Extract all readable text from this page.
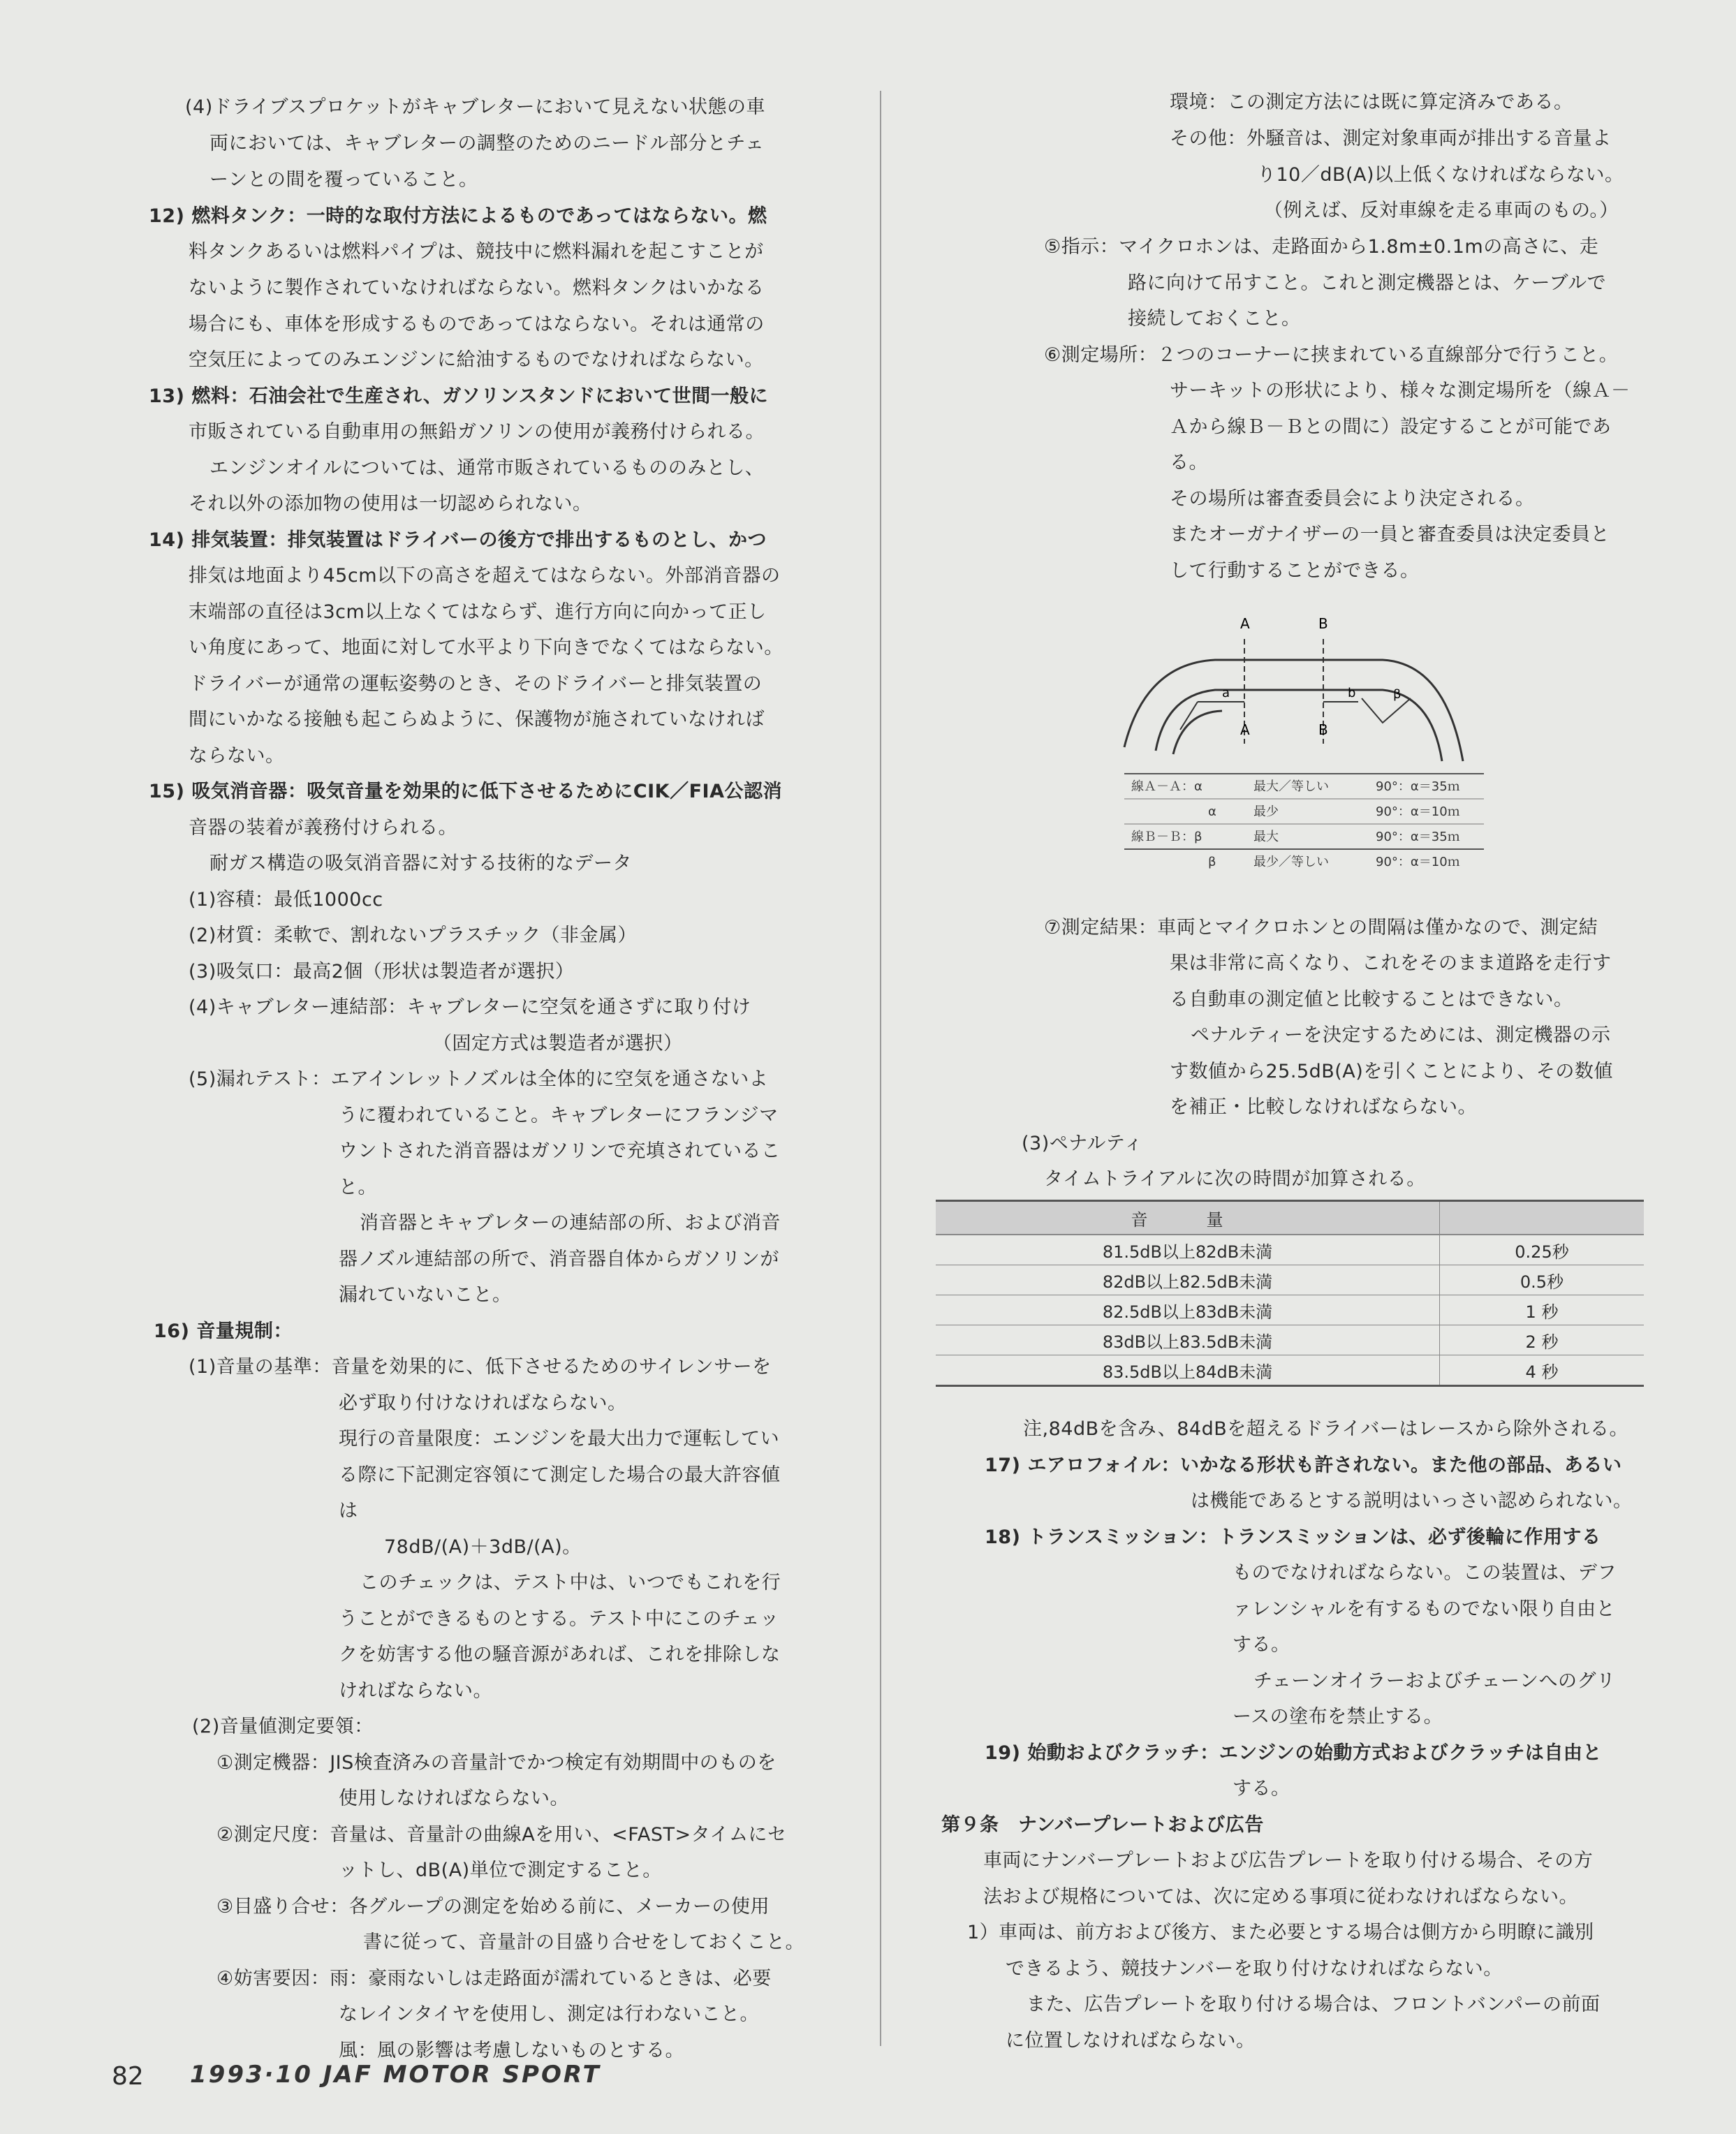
(4)ドライブスプロケットがキャブレターにおいて見えない状態の車
両においては、キャブレターの調整のためのニードル部分とチェ
ーンとの間を覆っていること。
12) 燃料タンク：一時的な取付方法によるものであってはならない。燃
料タンクあるいは燃料パイプは、競技中に燃料漏れを起こすことが
ないように製作されていなければならない。燃料タンクはいかなる
場合にも、車体を形成するものであってはならない。それは通常の
空気圧によってのみエンジンに給油するものでなければならない。
13) 燃料：石油会社で生産され、ガソリンスタンドにおいて世間一般に
市販されている自動車用の無鉛ガソリンの使用が義務付けられる。
エンジンオイルについては、通常市販されているもののみとし、
それ以外の添加物の使用は一切認められない。
14) 排気装置：排気装置はドライバーの後方で排出するものとし、かつ
排気は地面より45cm以下の高さを超えてはならない。外部消音器の
末端部の直径は3cm以上なくてはならず、進行方向に向かって正し
い角度にあって、地面に対して水平より下向きでなくてはならない。
ドライバーが通常の運転姿勢のとき、そのドライバーと排気装置の
間にいかなる接触も起こらぬように、保護物が施されていなければ
ならない。
15) 吸気消音器：吸気音量を効果的に低下させるためにCIK／FIA公認消
音器の装着が義務付けられる。
耐ガス構造の吸気消音器に対する技術的なデータ
(1)容積：最低1000cc
(2)材質：柔軟で、割れないプラスチック（非金属）
(3)吸気口：最高2個（形状は製造者が選択）
(4)キャブレター連結部：キャブレターに空気を通さずに取り付け
（固定方式は製造者が選択）
(5)漏れテスト：エアインレットノズルは全体的に空気を通さないよ
うに覆われていること。キャブレターにフランジマ
ウントされた消音器はガソリンで充填されているこ
と。
消音器とキャブレターの連結部の所、および消音
器ノズル連結部の所で、消音器自体からガソリンが
漏れていないこと。
16) 音量規制：
(1)音量の基準：音量を効果的に、低下させるためのサイレンサーを
必ず取り付けなければならない。
現行の音量限度：エンジンを最大出力で運転してい
る際に下記測定容領にて測定した場合の最大許容値
は
78dB/(A)＋3dB/(A)。
このチェックは、テスト中は、いつでもこれを行
うことができるものとする。テスト中にこのチェッ
クを妨害する他の騒音源があれば、これを排除しな
ければならない。
(2)音量値測定要領：
①測定機器：JIS検査済みの音量計でかつ検定有効期間中のものを
使用しなければならない。
②測定尺度：音量は、音量計の曲線Aを用い、<FAST>タイムにセ
ットし、dB(A)単位で測定すること。
③目盛り合せ：各グループの測定を始める前に、メーカーの使用
書に従って、音量計の目盛り合せをしておくこと。
④妨害要因：雨：豪雨ないしは走路面が濡れているときは、必要
なレインタイヤを使用し、測定は行わないこと。
風：風の影響は考慮しないものとする。
環境：この測定方法には既に算定済みである。
その他：外騒音は、測定対象車両が排出する音量よ
り10／dB(A)以上低くなければならない。
（例えば、反対車線を走る車両のもの。）
⑤指示：マイクロホンは、走路面から1.8m±0.1mの高さに、走
路に向けて吊すこと。これと測定機器とは、ケーブルで
接続しておくこと。
⑥測定場所：２つのコーナーに挟まれている直線部分で行うこと。
サーキットの形状により、様々な測定場所を（線Ａ－
Ａから線Ｂ－Ｂとの間に）設定することが可能であ
る。
その場所は審査委員会により決定される。
またオーガナイザーの一員と審査委員は決定委員と
して行動することができる。
⑦測定結果：車両とマイクロホンとの間隔は僅かなので、測定結
果は非常に高くなり、これをそのまま道路を走行す
る自動車の測定値と比較することはできない。
ペナルティーを決定するためには、測定機器の示
す数値から25.5dB(A)を引くことにより、その数値
を補正・比較しなければならない。
(3)ペナルティ
タイムトライアルに次の時間が加算される。
注,84dBを含み、84dBを超えるドライバーはレースから除外される。
17) エアロフォイル：いかなる形状も許されない。また他の部品、あるい
は機能であるとする説明はいっさい認められない。
18) トランスミッション：トランスミッションは、必ず後輪に作用する
ものでなければならない。この装置は、デフ
ァレンシャルを有するものでない限り自由と
する。
チェーンオイラーおよびチェーンへのグリ
ースの塗布を禁止する。
19) 始動およびクラッチ：エンジンの始動方式およびクラッチは自由と
する。
第９条　ナンバープレートおよび広告
車両にナンバープレートおよび広告プレートを取り付ける場合、その方
法および規格については、次に定める事項に従わなければならない。
1）車両は、前方および後方、また必要とする場合は側方から明瞭に識別
できるよう、競技ナンバーを取り付けなければならない。
また、広告プレートを取り付ける場合は、フロントバンパーの前面
に位置しなければならない。
A	B
A	B
a	b	β
線Ａ－Ａ：α	最大／等しい	90°：α＝35ｍ
α	最少	90°：α＝10ｍ
線Ｂ－Ｂ：β	最大	90°：α＝35ｍ
β	最少／等しい	90°：α＝10ｍ
音　量	
81.5dB以上82dB未満	0.25秒
82dB以上82.5dB未満	0.5秒
82.5dB以上83dB未満	1 秒
83dB以上83.5dB未満	2 秒
83.5dB以上84dB未満	4 秒
82 1993·10 JAF MOTOR SPORT
